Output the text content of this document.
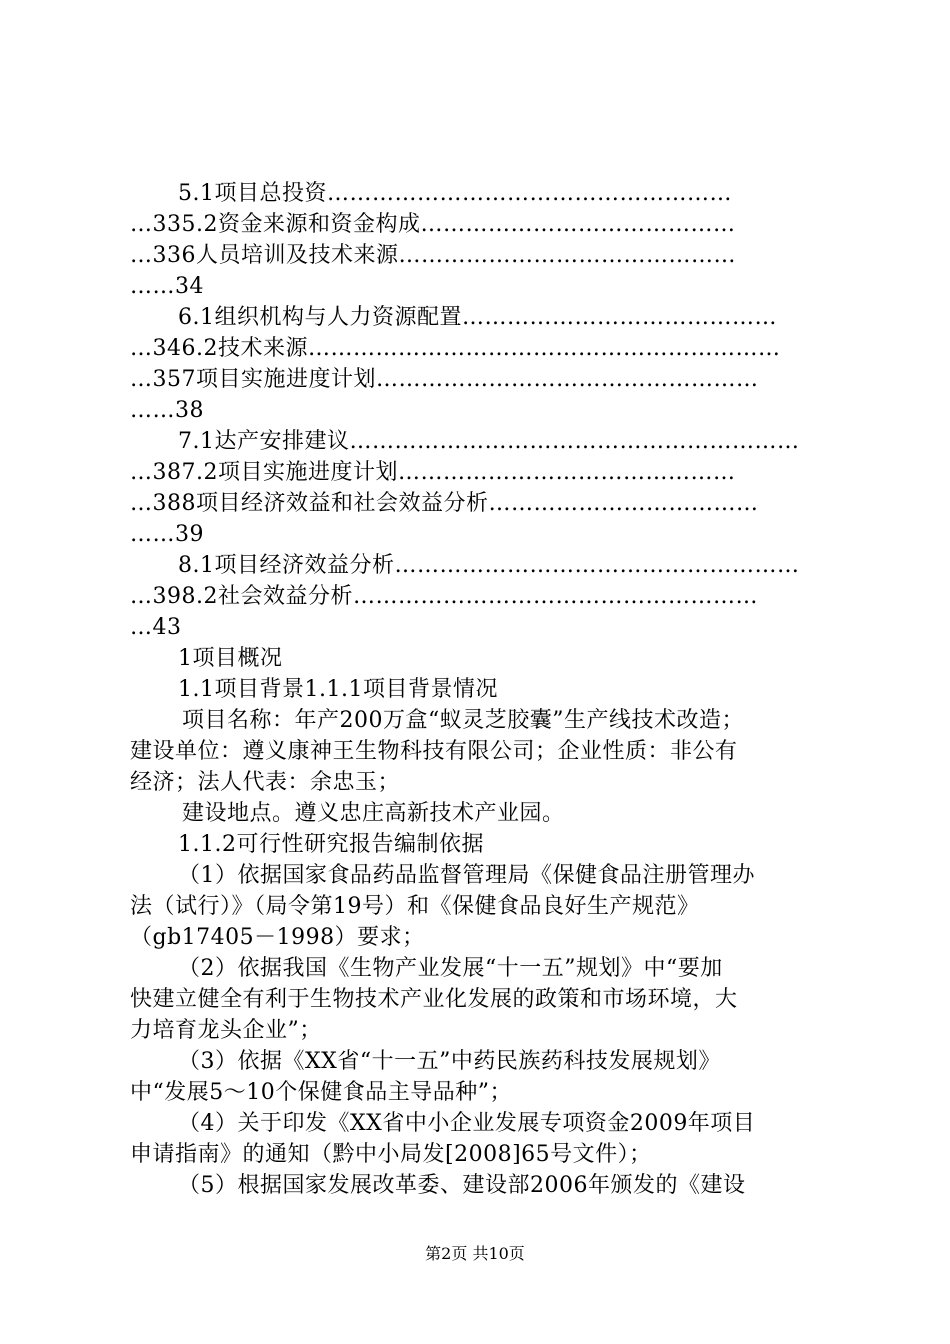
5.1项目总投资………………………………………………
…335.2资金来源和资金构成……………………………………
…336人员培训及技术来源………………………………………
……34
6.1组织机构与人力资源配置……………………………………
…346.2技术来源………………………………………………………
…357项目实施进度计划……………………………………………
……38
7.1达产安排建议……………………………………………………
…387.2项目实施进度计划………………………………………
…388项目经济效益和社会效益分析………………………………
……39
8.1项目经济效益分析………………………………………………
…398.2社会效益分析………………………………………………
…43
1项目概况
1.1项目背景1.1.1项目背景情况
项目名称：年产200万盒“蚁灵芝胶囊”生产线技术改造；
建设单位：遵义康神王生物科技有限公司；企业性质：非公有
经济；法人代表：余忠玉；
建设地点。遵义忠庄高新技术产业园。
1.1.2可行性研究报告编制依据
（1）依据国家食品药品监督管理局《保健食品注册管理办
法（试行）》（局令第19号）和《保健食品良好生产规范》
（gb17405－1998）要求；
（2）依据我国《生物产业发展“十一五”规划》中“要加
快建立健全有利于生物技术产业化发展的政策和市场环境，大
力培育龙头企业”；
（3）依据《XX省“十一五”中药民族药科技发展规划》
中“发展5～10个保健食品主导品种”；
（4）关于印发《XX省中小企业发展专项资金2009年项目
申请指南》的通知（黔中小局发[2008]65号文件）；
（5）根据国家发展改革委、建设部2006年颁发的《建设
第2页 共10页
